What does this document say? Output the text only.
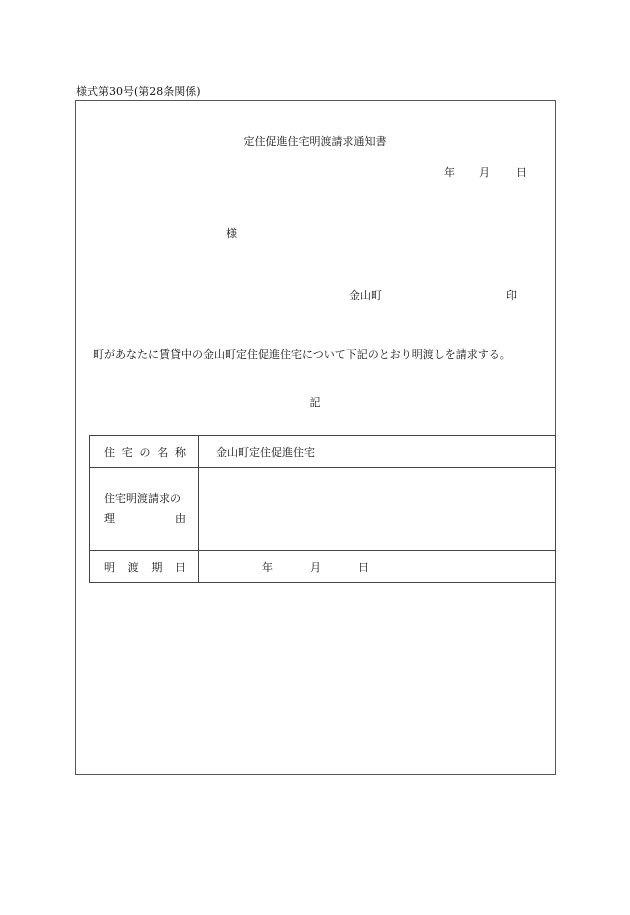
様式第30号(第28条関係)
定住促進住宅明渡請求通知書
年 月 日
様
金山町	印
町があなたに賃貸中の金山町定住促進住宅について下記のとおり明渡しを請求する。
記
住 宅 の 名 称	金山町定住促進住宅

住宅明渡請求の
理 由	

明 渡 期 日	年 月 日
